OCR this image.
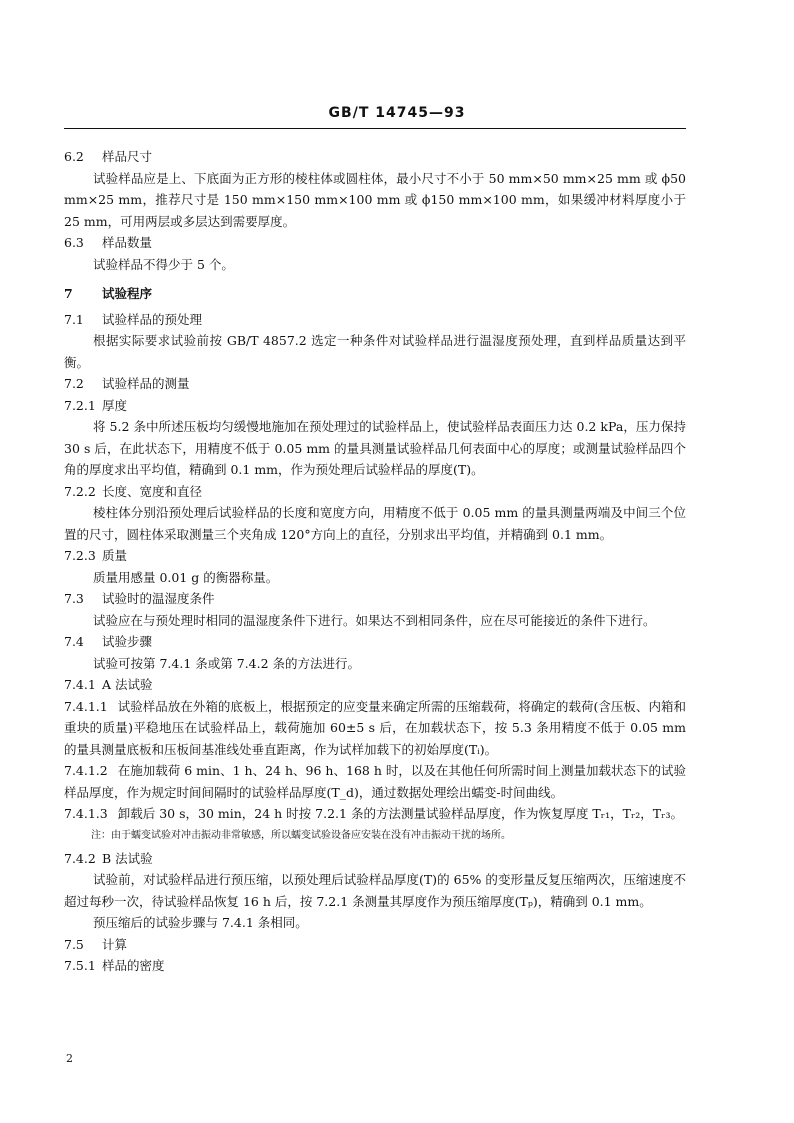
GB/T 14745—93
6.2 样品尺寸
试验样品应是上、下底面为正方形的棱柱体或圆柱体，最小尺寸不小于 50 mm×50 mm×25 mm 或 ϕ50 mm×25 mm，推荐尺寸是 150 mm×150 mm×100 mm 或 ϕ150 mm×100 mm，如果缓冲材料厚度小于 25 mm，可用两层或多层达到需要厚度。
6.3 样品数量
试验样品不得少于 5 个。
7 试验程序
7.1 试验样品的预处理
根据实际要求试验前按 GB/T 4857.2 选定一种条件对试验样品进行温湿度预处理，直到样品质量达到平衡。
7.2 试验样品的测量
7.2.1 厚度
将 5.2 条中所述压板均匀缓慢地施加在预处理过的试验样品上，使试验样品表面压力达 0.2 kPa，压力保持 30 s 后，在此状态下，用精度不低于 0.05 mm 的量具测量试验样品几何表面中心的厚度；或测量试验样品四个角的厚度求出平均值，精确到 0.1 mm，作为预处理后试验样品的厚度(T)。
7.2.2 长度、宽度和直径
棱柱体分别沿预处理后试验样品的长度和宽度方向，用精度不低于 0.05 mm 的量具测量两端及中间三个位置的尺寸，圆柱体采取测量三个夹角成 120°方向上的直径，分别求出平均值，并精确到 0.1 mm。
7.2.3 质量
质量用感量 0.01 g 的衡器称量。
7.3 试验时的温湿度条件
试验应在与预处理时相同的温湿度条件下进行。如果达不到相同条件，应在尽可能接近的条件下进行。
7.4 试验步骤
试验可按第 7.4.1 条或第 7.4.2 条的方法进行。
7.4.1 A 法试验
7.4.1.1 试验样品放在外箱的底板上，根据预定的应变量来确定所需的压缩载荷，将确定的载荷(含压板、内箱和重块的质量)平稳地压在试验样品上，载荷施加 60±5 s 后，在加载状态下，按 5.3 条用精度不低于 0.05 mm 的量具测量底板和压板间基准线处垂直距离，作为试样加载下的初始厚度(Tᵢ)。
7.4.1.2 在施加载荷 6 min、1 h、24 h、96 h、168 h 时，以及在其他任何所需时间上测量加载状态下的试验样品厚度，作为规定时间间隔时的试验样品厚度(T_d)，通过数据处理绘出蠕变-时间曲线。
7.4.1.3 卸载后 30 s，30 min，24 h 时按 7.2.1 条的方法测量试验样品厚度，作为恢复厚度 Tᵣ₁，Tᵣ₂，Tᵣ₃。
注：由于蠕变试验对冲击振动非常敏感，所以蠕变试验设备应安装在没有冲击振动干扰的场所。
7.4.2 B 法试验
试验前，对试验样品进行预压缩，以预处理后试验样品厚度(T)的 65% 的变形量反复压缩两次，压缩速度不超过每秒一次，待试验样品恢复 16 h 后，按 7.2.1 条测量其厚度作为预压缩厚度(Tₚ)，精确到 0.1 mm。
预压缩后的试验步骤与 7.4.1 条相同。
7.5 计算
7.5.1 样品的密度
2
